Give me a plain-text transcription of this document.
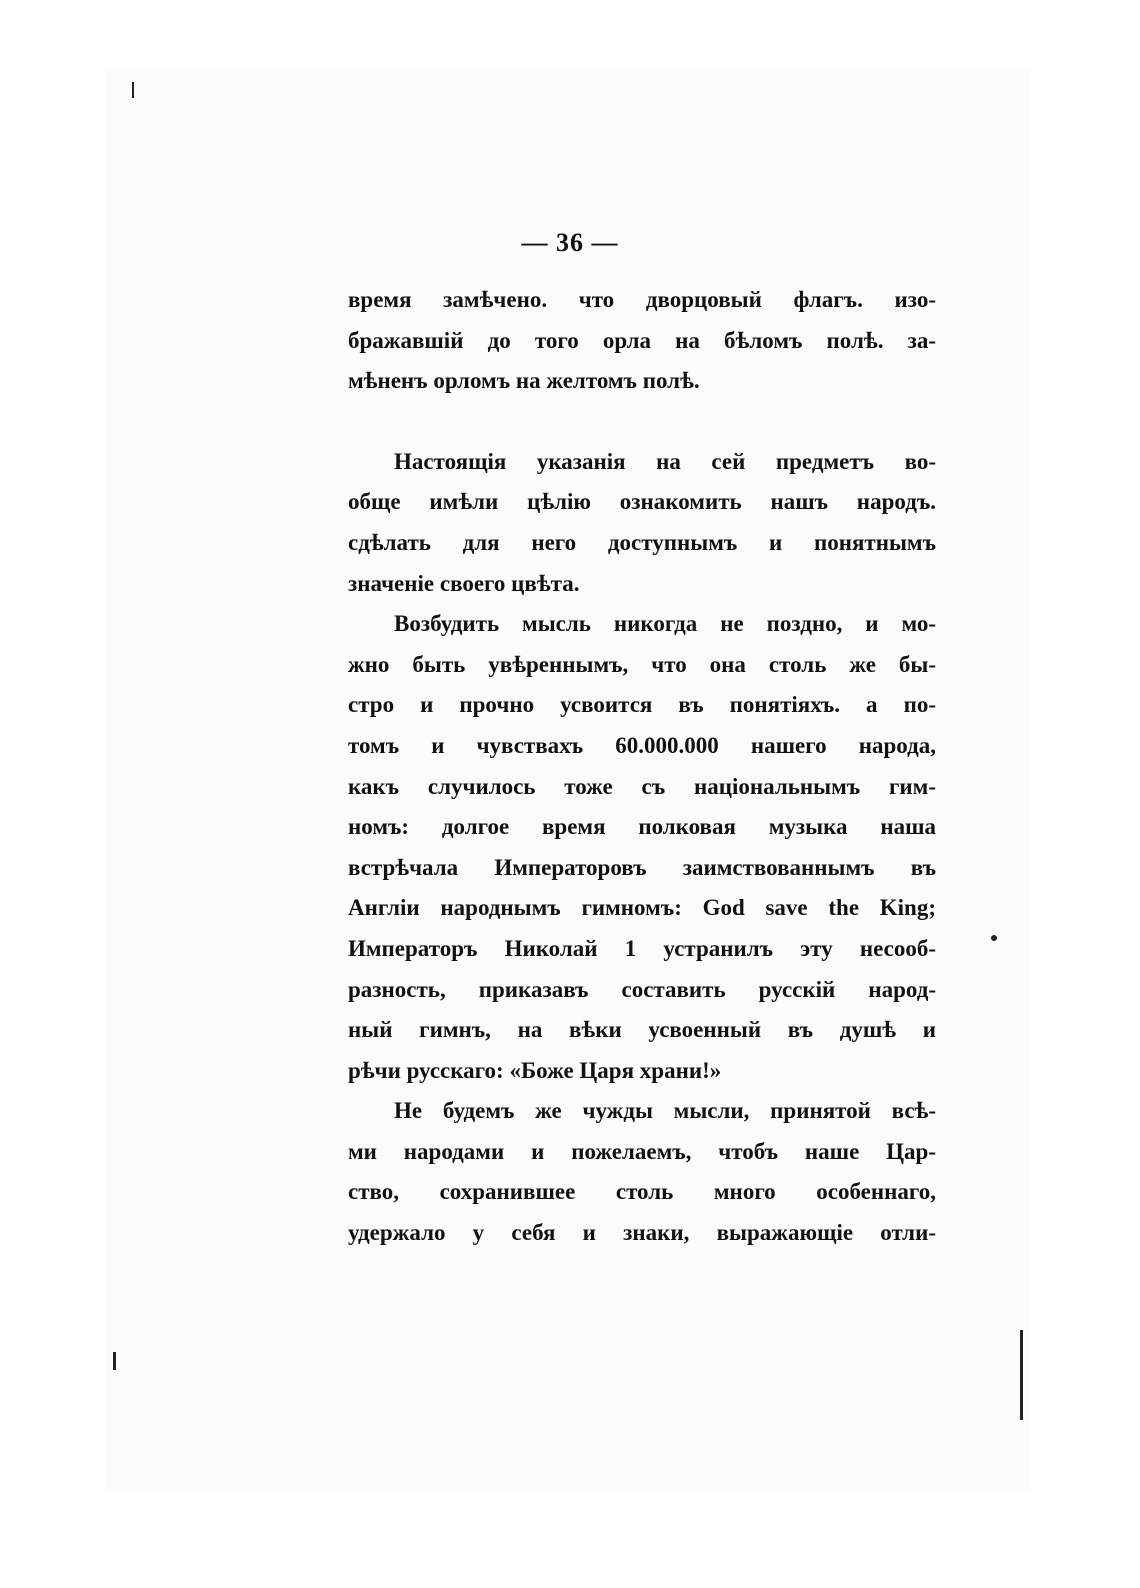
— 36 —
время замѣчено. что дворцовый флагъ. изо-
бражавшій до того орла на бѣломъ полѣ. за-
мѣненъ орломъ на желтомъ полѣ.
Настоящія указанія на сей предметъ во-
обще имѣли цѣлію ознакомить нашъ народъ.
сдѣлать для него доступнымъ и понятнымъ
значеніе своего цвѣта.
Возбудить мысль никогда не поздно, и мо-
жно быть увѣреннымъ, что она столь же бы-
стро и прочно усвоится въ понятіяхъ. а по-
томъ и чувствахъ 60.000.000 нашего народа,
какъ случилось тоже съ національнымъ гим-
номъ: долгое время полковая музыка наша
встрѣчала Императоровъ заимствованнымъ въ
Англіи народнымъ гимномъ: God save the King;
Императоръ Николай 1 устранилъ эту несооб-
разность, приказавъ составить русскій народ-
ный гимнъ, на вѣки усвоенный въ душѣ и
рѣчи русскаго: «Боже Царя храни!»
Не будемъ же чужды мысли, принятой всѣ-
ми народами и пожелаемъ, чтобъ наше Цар-
ство, сохранившее столь много особеннаго,
удержало у себя и знаки, выражающіе отли-
